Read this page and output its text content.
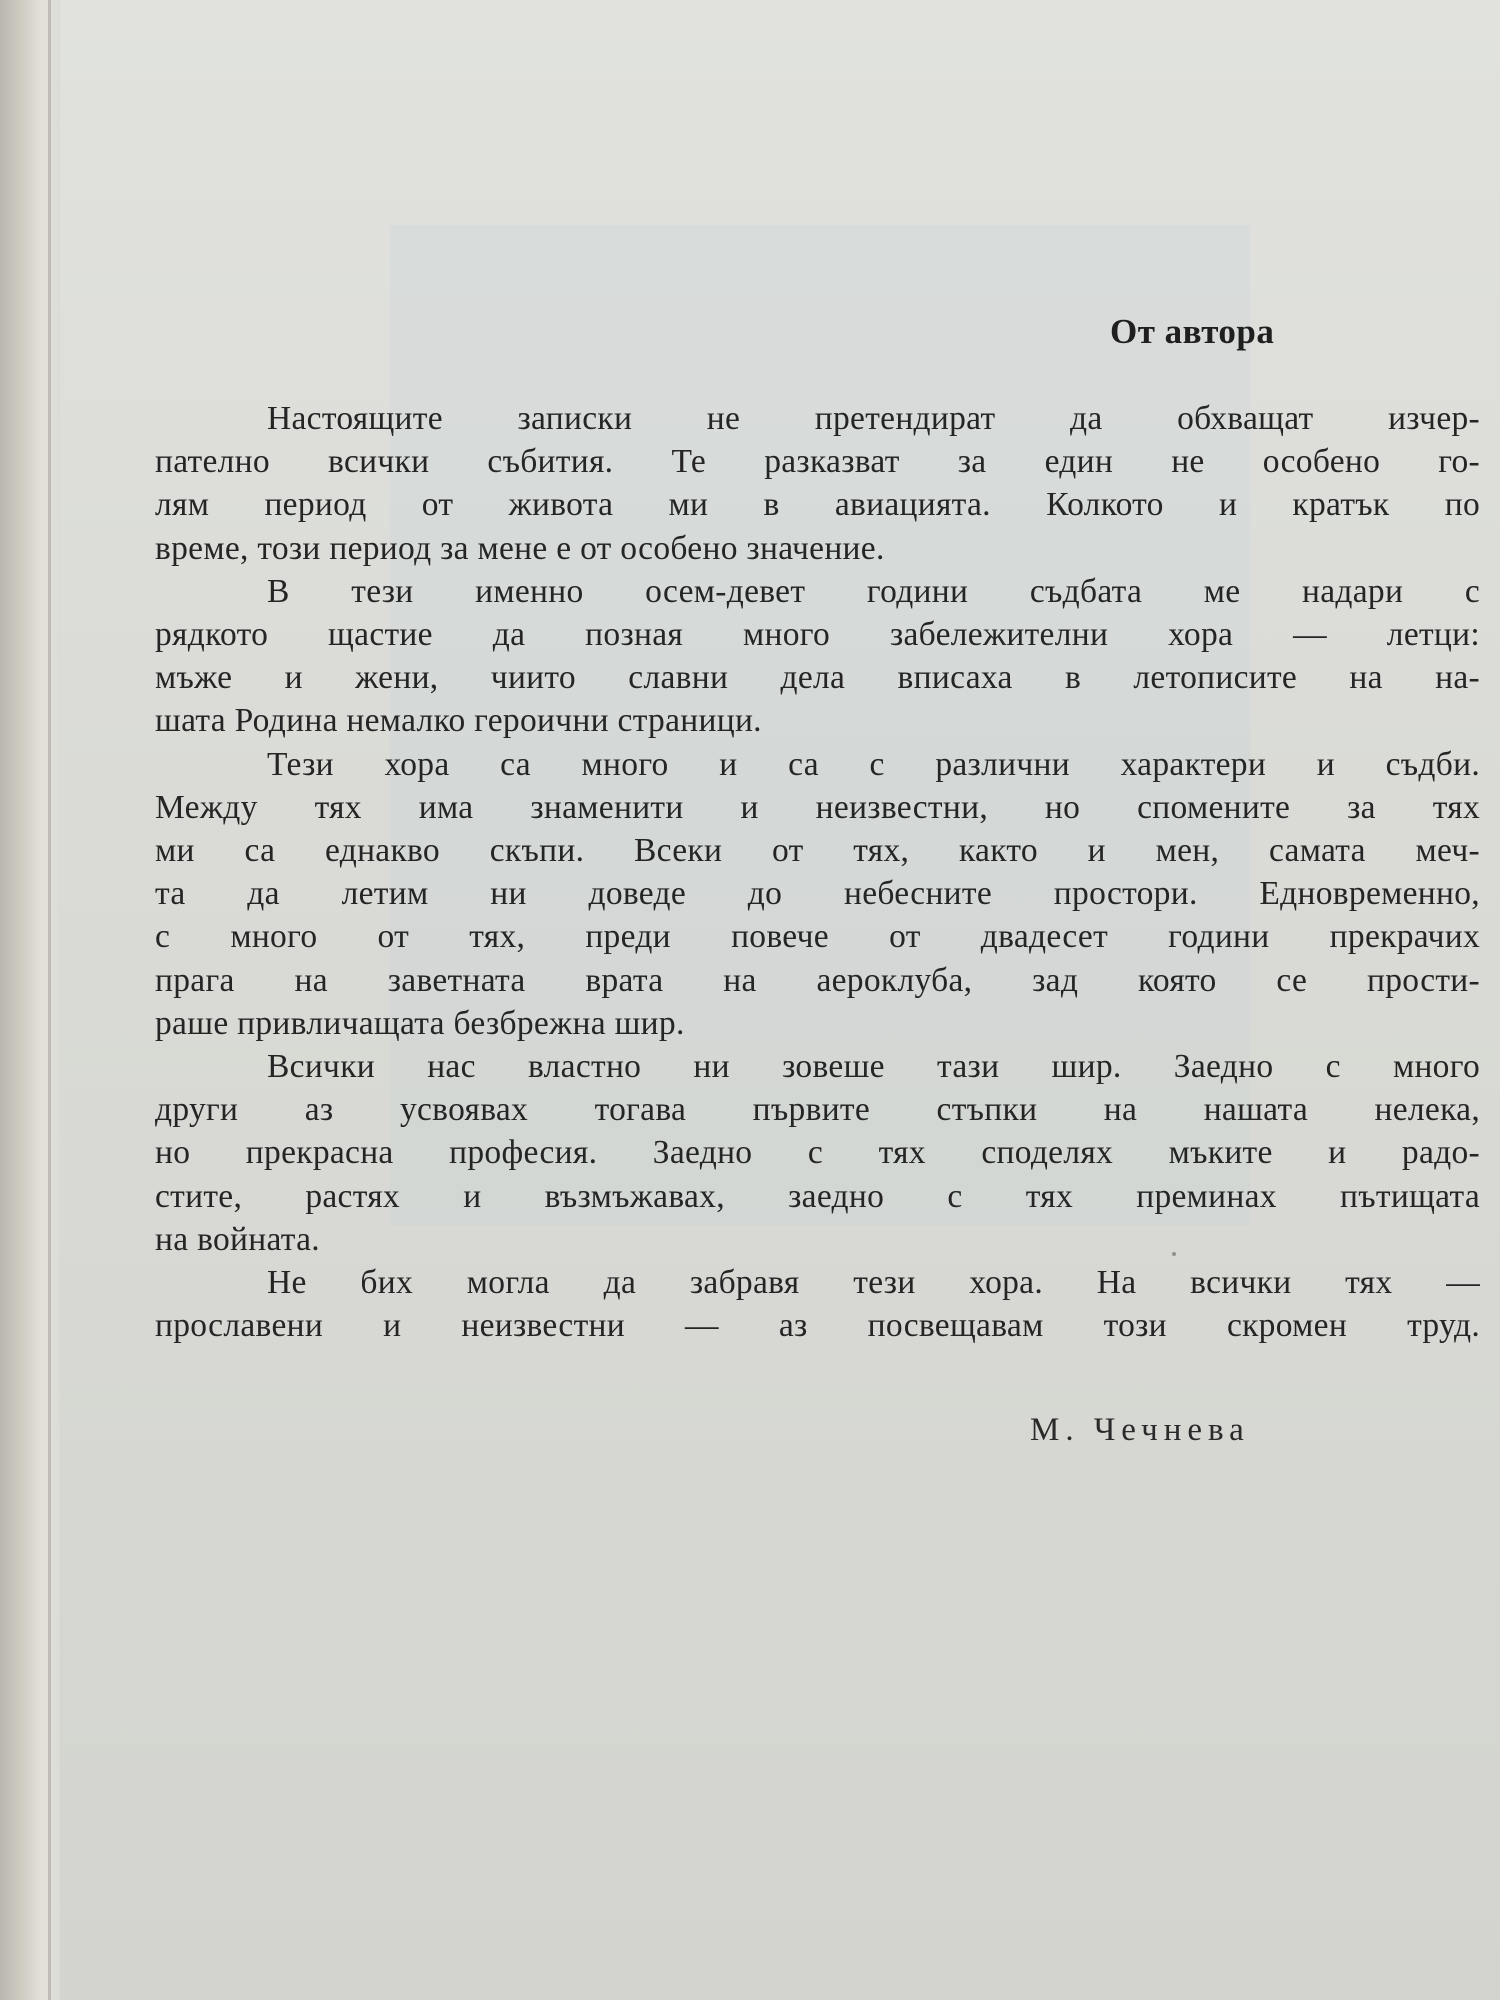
От автора
Настоящите записки не претендират да обхващат изчер-
пателно всички събития. Те разказват за един не особено го-
лям период от живота ми в авиацията. Колкото и кратък по
време, този период за мене е от особено значение.
В тези именно осем-девет години съдбата ме надари с
рядкото щастие да позная много забележителни хора — летци:
мъже и жени, чиито славни дела вписаха в летописите на на-
шата Родина немалко героични страници.
Тези хора са много и са с различни характери и съдби.
Между тях има знаменити и неизвестни, но спомените за тях
ми са еднакво скъпи. Всеки от тях, както и мен, самата меч-
та да летим ни доведе до небесните простори. Едновременно,
с много от тях, преди повече от двадесет години прекрачих
прага на заветната врата на аероклуба, зад която се прости-
раше привличащата безбрежна шир.
Всички нас властно ни зовеше тази шир. Заедно с много
други аз усвоявах тогава първите стъпки на нашата нелека,
но прекрасна професия. Заедно с тях споделях мъките и радо-
стите, растях и възмъжавах, заедно с тях преминах пътищата
на войната.
Не бих могла да забравя тези хора. На всички тях —
прославени и неизвестни — аз посвещавам този скромен труд.
М. Чечнева
